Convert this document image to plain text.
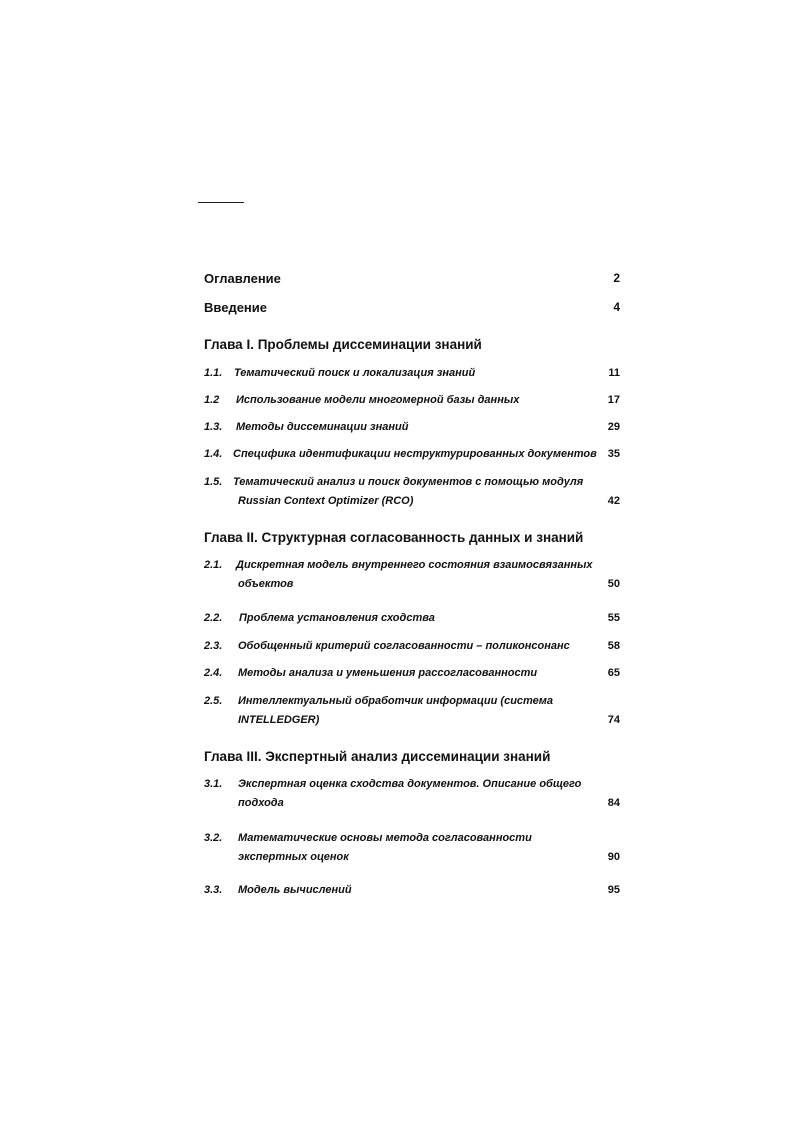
Оглавление	2
Введение	4
Глава I. Проблемы диссеминации знаний
1.1. Тематический поиск и локализация знаний	11
1.2 Использование модели многомерной базы данных	17
1.3. Методы диссеминации знаний	29
1.4. Специфика идентификации неструктурированных документов 35
1.5. Тематический анализ и поиск документов с помощью модуля
Russian Context Optimizer (RCO)	42
Глава II. Структурная согласованность данных и знаний
2.1. Дискретная модель внутреннего состояния взаимосвязанных
объектов	50
2.2. Проблема установления сходства	55
2.3. Обобщенный критерий согласованности – поликонсонанс	58
2.4. Методы анализа и уменьшения рассогласованности	65
2.5. Интеллектуальный обработчик информации (система
INTELLEDGER)	74
Глава III. Экспертный анализ диссеминации знаний
3.1. Экспертная оценка сходства документов. Описание общего
подхода	84
3.2. Математические основы метода согласованности
экспертных оценок	90
3.3. Модель вычислений	95
